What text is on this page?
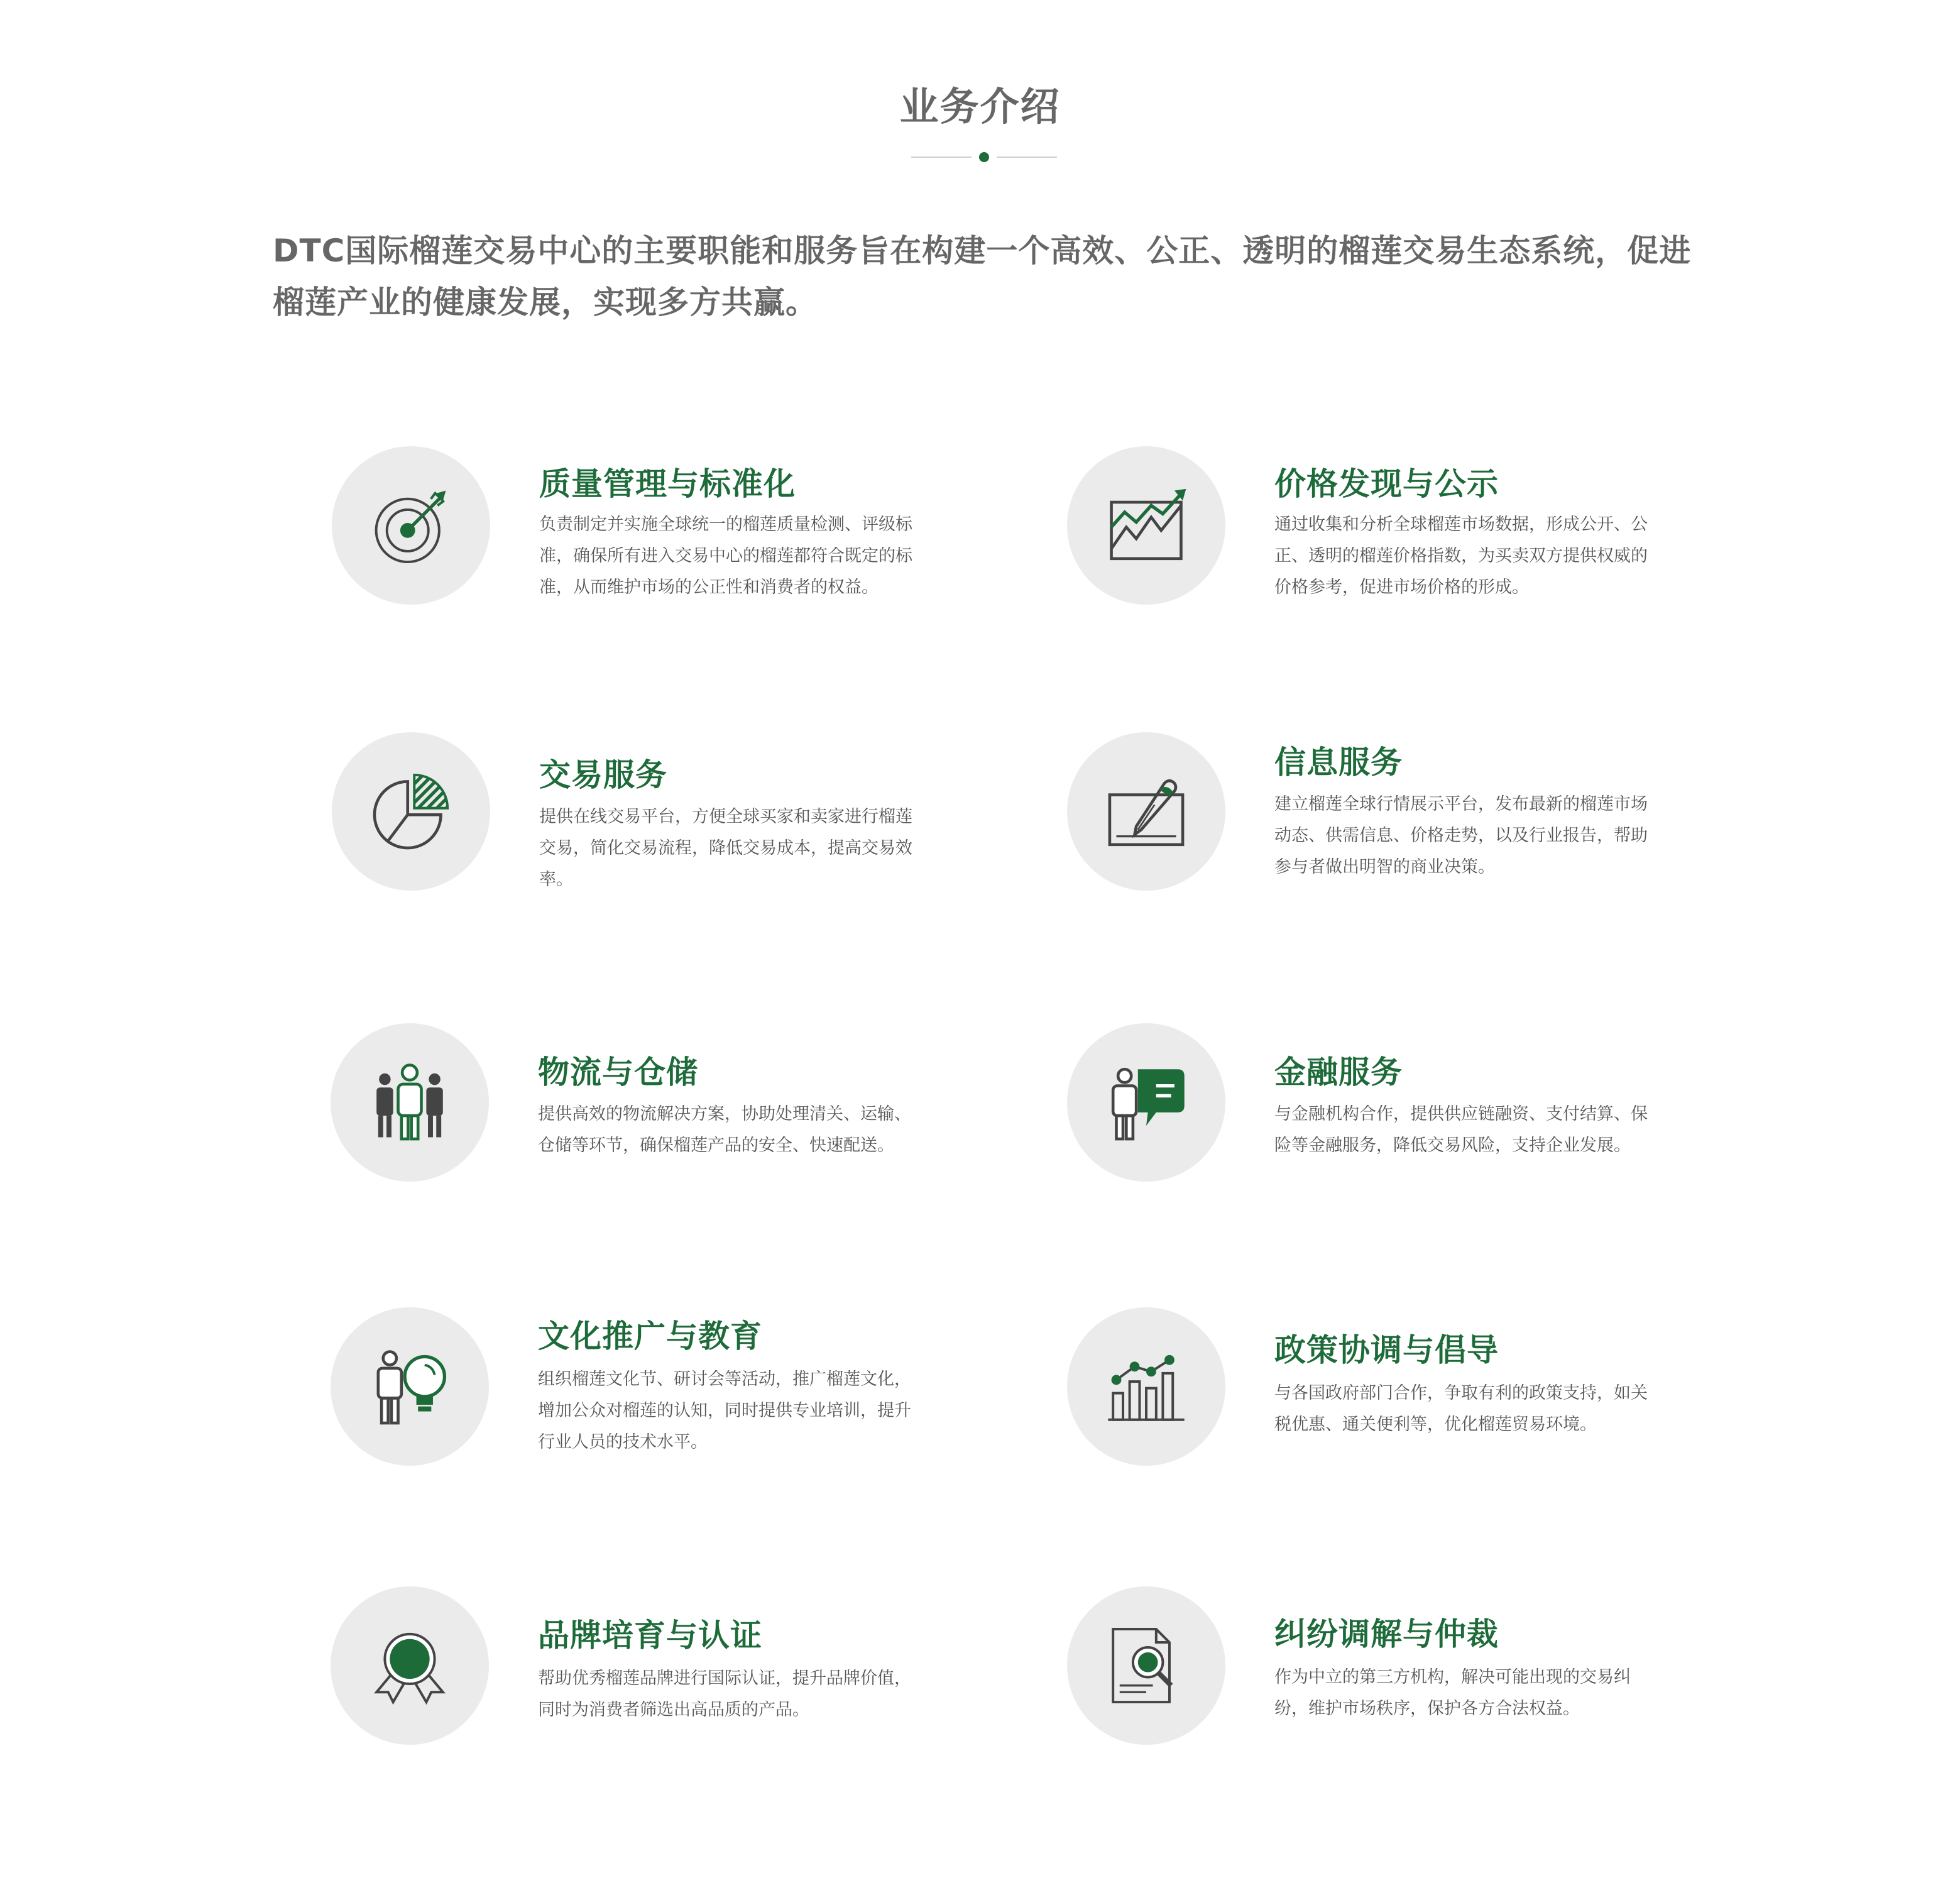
业务介绍
DTC国际榴莲交易中心的主要职能和服务旨在构建一个高效、公正、透明的榴莲交易生态系统，促进榴莲产业的健康发展，实现多方共赢。
质量管理与标准化
负责制定并实施全球统一的榴莲质量检测、评级标准，确保所有进入交易中心的榴莲都符合既定的标准，从而维护市场的公正性和消费者的权益。
价格发现与公示
通过收集和分析全球榴莲市场数据，形成公开、公正、透明的榴莲价格指数，为买卖双方提供权威的价格参考，促进市场价格的形成。
交易服务
提供在线交易平台，方便全球买家和卖家进行榴莲交易，简化交易流程，降低交易成本，提高交易效率。
信息服务
建立榴莲全球行情展示平台，发布最新的榴莲市场动态、供需信息、价格走势，以及行业报告，帮助参与者做出明智的商业决策。
物流与仓储
提供高效的物流解决方案，协助处理清关、运输、仓储等环节，确保榴莲产品的安全、快速配送。
金融服务
与金融机构合作，提供供应链融资、支付结算、保险等金融服务，降低交易风险，支持企业发展。
文化推广与教育
组织榴莲文化节、研讨会等活动，推广榴莲文化，增加公众对榴莲的认知，同时提供专业培训，提升行业人员的技术水平。
政策协调与倡导
与各国政府部门合作，争取有利的政策支持，如关税优惠、通关便利等，优化榴莲贸易环境。
品牌培育与认证
帮助优秀榴莲品牌进行国际认证，提升品牌价值，同时为消费者筛选出高品质的产品。
纠纷调解与仲裁
作为中立的第三方机构，解决可能出现的交易纠纷，维护市场秩序，保护各方合法权益。
